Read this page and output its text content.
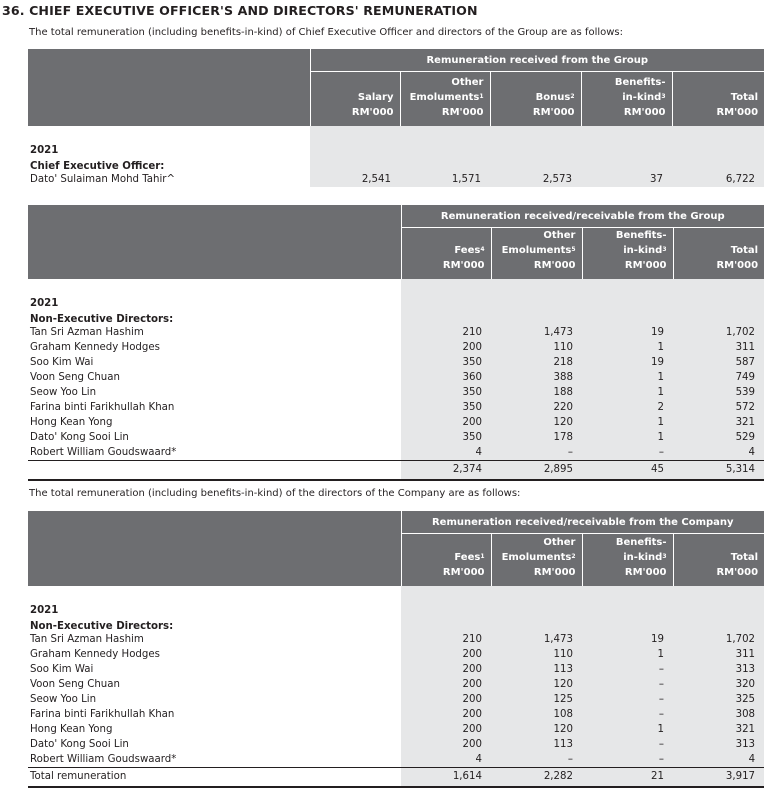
36. CHIEF EXECUTIVE OFFICER'S AND DIRECTORS' REMUNERATION
The total remuneration (including benefits-in-kind) of Chief Executive Officer and directors of the Group are as follows:
	Remuneration received from the Group				
	Salary
RM'000	Other
Emoluments$^1$
RM'000	Bonus$^2$
RM'000	Benefits-
in-kind$^3$
RM'000	Total
RM'000

2021					
Chief Executive Officer:					
Dato' Sulaiman Mohd Tahir^	2,541	1,571	2,573	37	6,722
	Remuneration received/receivable from the Group			
	Fees$^4$
RM'000	Other
Emoluments$^5$
RM'000	Benefits-
in-kind$^3$
RM'000	Total
RM'000

2021				
Non-Executive Directors:				
Tan Sri Azman Hashim	210	1,473	19	1,702
Graham Kennedy Hodges	200	110	1	311
Soo Kim Wai	350	218	19	587
Voon Seng Chuan	360	388	1	749
Seow Yoo Lin	350	188	1	539
Farina binti Farikhullah Khan	350	220	2	572
Hong Kean Yong	200	120	1	321
Dato' Kong Sooi Lin	350	178	1	529
Robert William Goudswaard*	4	–	–	4
	2,374	2,895	45	5,314
The total remuneration (including benefits-in-kind) of the directors of the Company are as follows:
	Remuneration received/receivable from the Company			
	Fees$^1$
RM'000	Other
Emoluments$^2$
RM'000	Benefits-
in-kind$^3$
RM'000	Total
RM'000

2021				
Non-Executive Directors:				
Tan Sri Azman Hashim	210	1,473	19	1,702
Graham Kennedy Hodges	200	110	1	311
Soo Kim Wai	200	113	–	313
Voon Seng Chuan	200	120	–	320
Seow Yoo Lin	200	125	–	325
Farina binti Farikhullah Khan	200	108	–	308
Hong Kean Yong	200	120	1	321
Dato' Kong Sooi Lin	200	113	–	313
Robert William Goudswaard*	4	–	–	4
Total remuneration	1,614	2,282	21	3,917
